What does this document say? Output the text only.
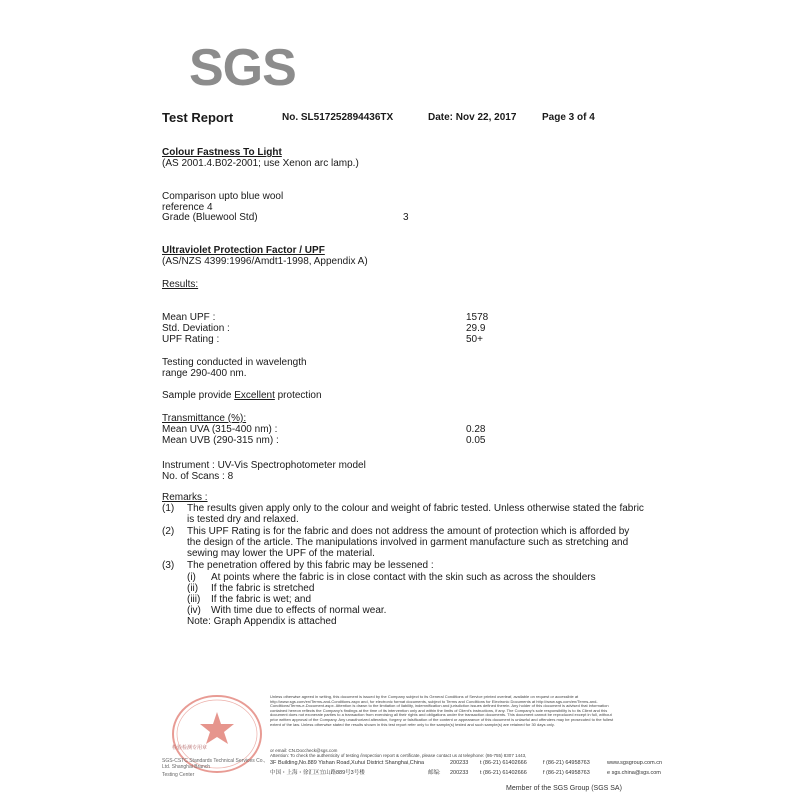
SGS
Test Report	No. SL517252894436TX	Date: Nov 22, 2017	Page 3 of 4
Colour Fastness To Light
(AS 2001.4.B02-2001; use Xenon arc lamp.)
Comparison upto blue wool
reference 4
Grade (Bluewool Std)	3
Ultraviolet Protection Factor / UPF
(AS/NZS 4399:1996/Amdt1-1998, Appendix A)
Results:
Mean UPF :	1578
Std. Deviation :	29.9
UPF Rating :	50+
Testing conducted in wavelength
range 290-400 nm.
Sample provide Excellent protection
Transmittance (%):
Mean UVA (315-400 nm) :	0.28
Mean UVB (290-315 nm) :	0.05
Instrument : UV-Vis Spectrophotometer model
No. of Scans : 8
Remarks :
(1) The results given apply only to the colour and weight of fabric tested. Unless otherwise stated the fabric
is tested dry and relaxed.
(2) This UPF Rating is for the fabric and does not address the amount of protection which is afforded by
the design of the article. The manipulations involved in garment manufacture such as stretching and
sewing may lower the UPF of the material.
(3) The penetration offered by this fabric may be lessened :
(i) At points where the fabric is in close contact with the skin such as across the shoulders
(ii) If the fabric is stretched
(iii) If the fabric is wet; and
(iv) With time due to effects of normal wear.
Note: Graph Appendix is attached
检验检测专用章
SGS-CSTC Standards Technical Services Co., Ltd. Shanghai Branch
Testing Center
Unless otherwise agreed in writing, this document is issued by the Company subject to its General Conditions of Service printed overleaf, available on request or accessible at http://www.sgs.com/en/Terms-and-Conditions.aspx and, for electronic format documents, subject to Terms and Conditions for Electronic Documents at http://www.sgs.com/en/Terms-and-Conditions/Terms-e-Document.aspx. Attention is drawn to the limitation of liability, indemnification and jurisdiction issues defined therein. Any holder of this document is advised that information contained hereon reflects the Company's findings at the time of its intervention only and within the limits of Client's instructions, if any. The Company's sole responsibility is to its Client and this document does not exonerate parties to a transaction from exercising all their rights and obligations under the transaction documents. This document cannot be reproduced except in full, without prior written approval of the Company. Any unauthorized alteration, forgery or falsification of the content or appearance of this document is unlawful and offenders may be prosecuted to the fullest extent of the law. Unless otherwise stated the results shown in this test report refer only to the sample(s) tested and such sample(s) are retained for 30 days only.
or email: CN.Doccheck@sgs.com
Attention: To check the authenticity of testing /inspection report & certificate, please contact us at telephone: (86-755) 8307 1443,
3F Building,No.889 Yishan Road,Xuhui District Shanghai,China	200233 t (86-21) 61402666	f (86-21) 64958763	www.sgsgroup.com.cn
中国・上海・徐汇区宜山路889号3号楼	邮编: 200233 t (86-21) 61402666	f (86-21) 64958763	e sgs.china@sgs.com
Member of the SGS Group (SGS SA)
